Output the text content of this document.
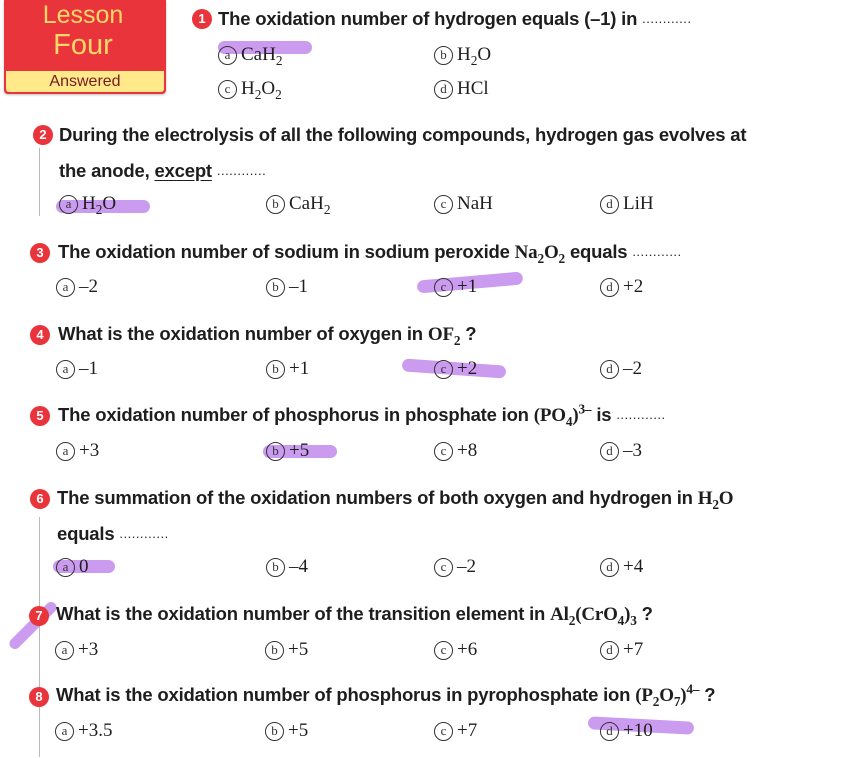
Lesson
Four
Answered
1 The oxidation number of hydrogen equals (–1) in ............
a CaH$_2$	b $H_2O$
c $H_2O_2$	d HCl
2 During the electrolysis of all the following compounds, hydrogen gas evolves at
the anode, except ............
a $H_2O$	b CaH$_2$	c NaH	d LiH
3 The oxidation number of sodium in sodium peroxide $Na_2O_2$ equals ............
a –2	b –1	c +1	d +2
4 What is the oxidation number of oxygen in $OF_2$ ?
a –1	b +1	c +2	d –2
5 The oxidation number of phosphorus in phosphate ion $(PO_4)^{3-}$ is ............
a +3	b +5	c +8	d –3
6 The summation of the oxidation numbers of both oxygen and hydrogen in $H_2O$
equals ............
a 0	b –4	c –2	d +4
7 What is the oxidation number of the transition element in $Al_2(CrO_4)_3$ ?
a +3	b +5	c +6	d +7
8 What is the oxidation number of phosphorus in pyrophosphate ion $(P_2O_7)^{4-}$ ?
a +3.5	b +5	c +7	d +10
